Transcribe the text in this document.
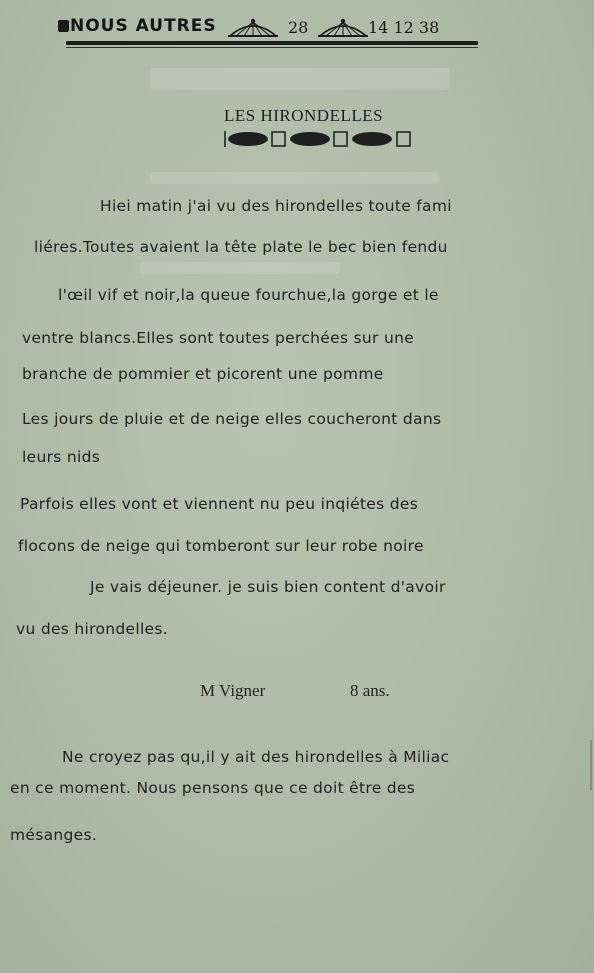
NOUS AUTRES	28	14 12 38
LES HIRONDELLES
Hiei matin j'ai vu des hirondelles toute fami
liéres.Toutes avaient la tête plate le bec bien fendu
l'œil vif et noir,la queue fourchue,la gorge et le
ventre blancs.Elles sont toutes perchées sur une
branche de pommier et picorent une pomme
Les jours de pluie et de neige elles coucheront dans
leurs nids
Parfois elles vont et viennent nu peu inqiétes des
flocons de neige qui tomberont sur leur robe noire
Je vais déjeuner. je suis bien content d'avoir
vu des hirondelles.
M Vigner	8 ans.
Ne croyez pas qu,il y ait des hirondelles à Miliac
en ce moment. Nous pensons que ce doit être des
mésanges.
